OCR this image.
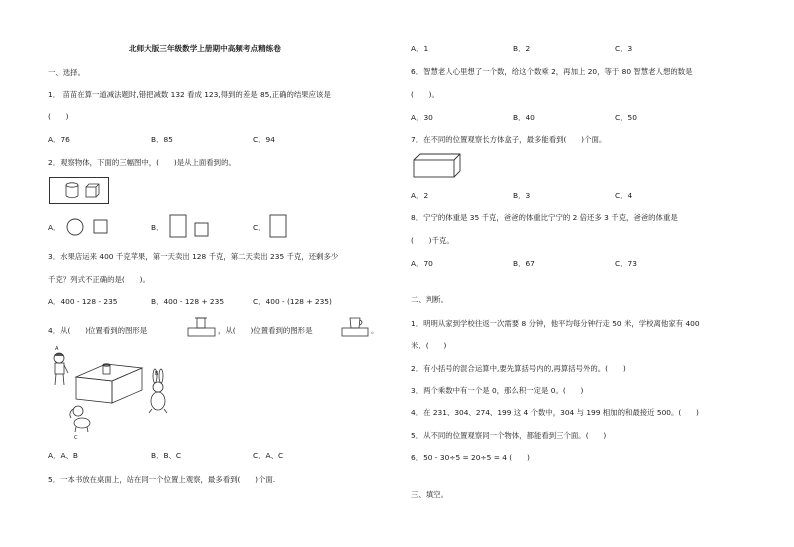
北师大版三年级数学上册期中高频考点精练卷
一、选择。
1． 苗苗在算一道减法题时,错把减数 132 看成 123,得到的差是 85,正确的结果应该是
(　　)
A．76	B．85	C．94
2．观察物体，下面的三幅图中，(　　)是从上面看到的。
A．	B．	C．
3．水果店运来 400 千克苹果，第一天卖出 128 千克，第二天卖出 235 千克，还剩多少
千克？列式不正确的是(　　)。
A．400 - 128 - 235	B．400 - 128 + 235	C．400 - (128 + 235)
4．从(　　)位置看到的图形是	，从(　　)位置看到的图形是	。
A
B
C
A．A、B	B．B、C	C．A、C
5．一本书放在桌面上，站在同一个位置上观察，最多看到(　　)个面.
A．1	B．2	C．3
6．智慧老人心里想了一个数，给这个数乘 2，再加上 20，等于 80 智慧老人想的数是
(　　)。
A．30	B．40	C．50
7．在不同的位置观察长方体盒子，最多能看到(　　)个面。
A．2	B．3	C．4
8．宁宁的体重是 35 千克，爸爸的体重比宁宁的 2 倍还多 3 千克，爸爸的体重是
(　　)千克。
A．70	B．67	C．73
二、判断。
1．明明从家到学校往返一次需要 8 分钟，他平均每分钟行走 50 米，学校离他家有 400
米．(　　)
2．有小括号的混合运算中,要先算括号内的,再算括号外的。(　　)
3．两个乘数中有一个是 0，那么积一定是 0。(　　)
4．在 231、304、274、199 这 4 个数中，304 与 199 相加的和最接近 500。(　　)
5．从不同的位置观察同一个物体，都能看到三个面。(　　)
6．50 - 30÷5 = 20÷5 = 4 (　　)
三、填空。
